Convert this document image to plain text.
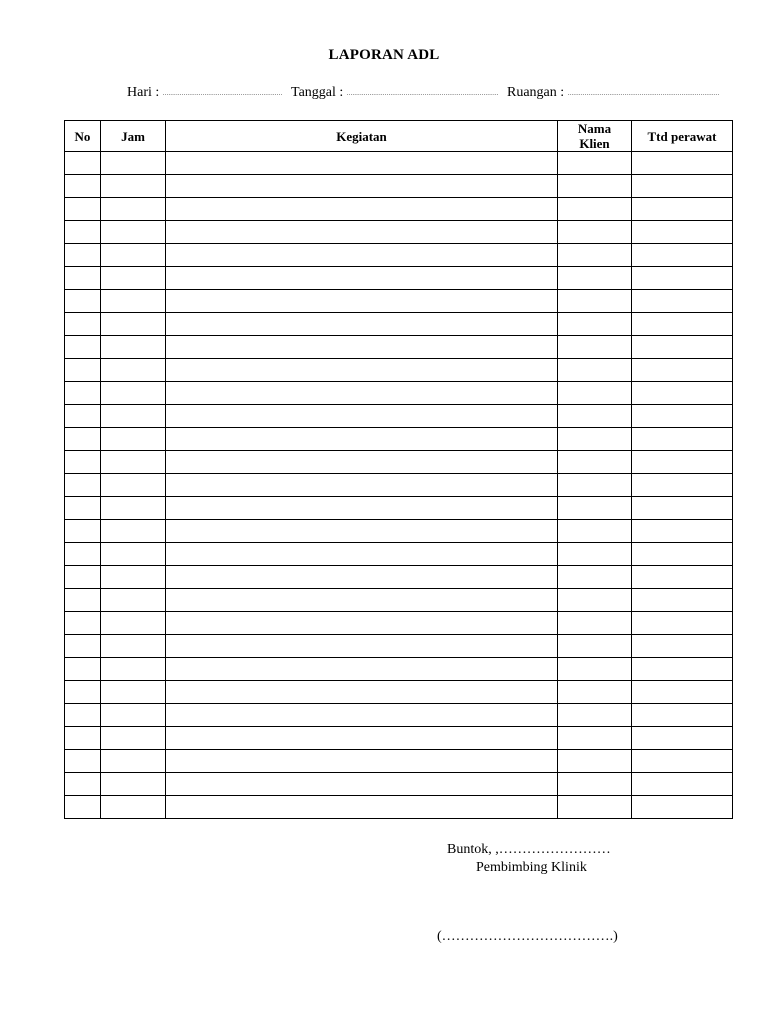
LAPORAN ADL
Hari : ............................................................... Tanggal : ................................................................................ Ruangan : ................................................................................
No	Jam	Kegiatan	Nama Klien	Ttd perawat

Buntok, ,……………………
Pembimbing Klinik
(……………………………….)
